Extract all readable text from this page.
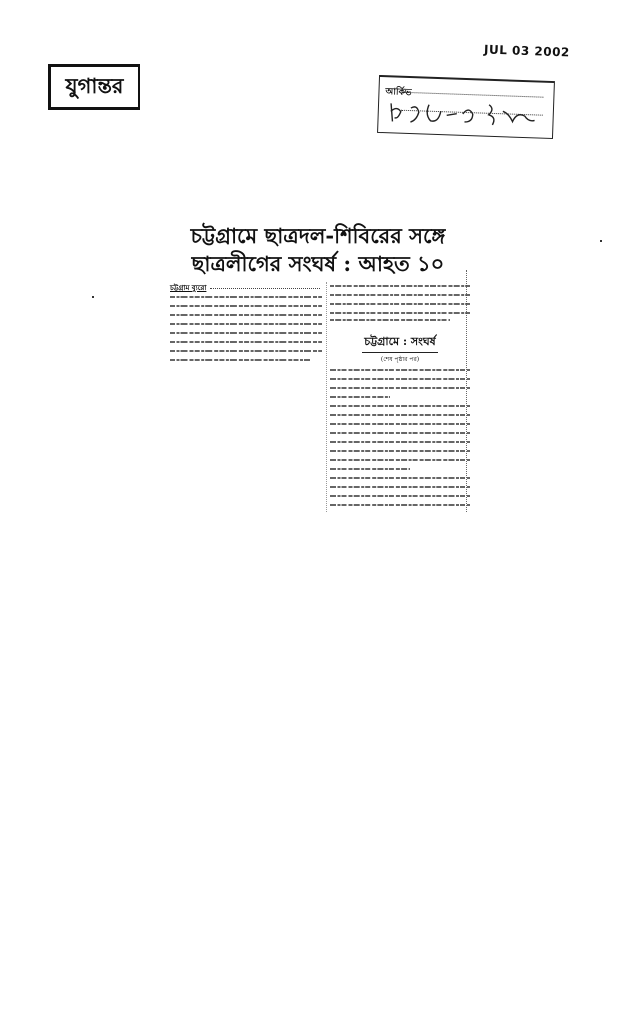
যুগান্তর
JUL 03 2002
আর্কিভ
চট্টগ্রামে ছাত্রদল-শিবিরের সঙ্গে
ছাত্রলীগের সংঘর্ষ : আহত ১০
চট্টগ্রাম ব্যুরো
চট্টগ্রামে : সংঘর্ষ
(শেষ পৃষ্ঠার পর)
